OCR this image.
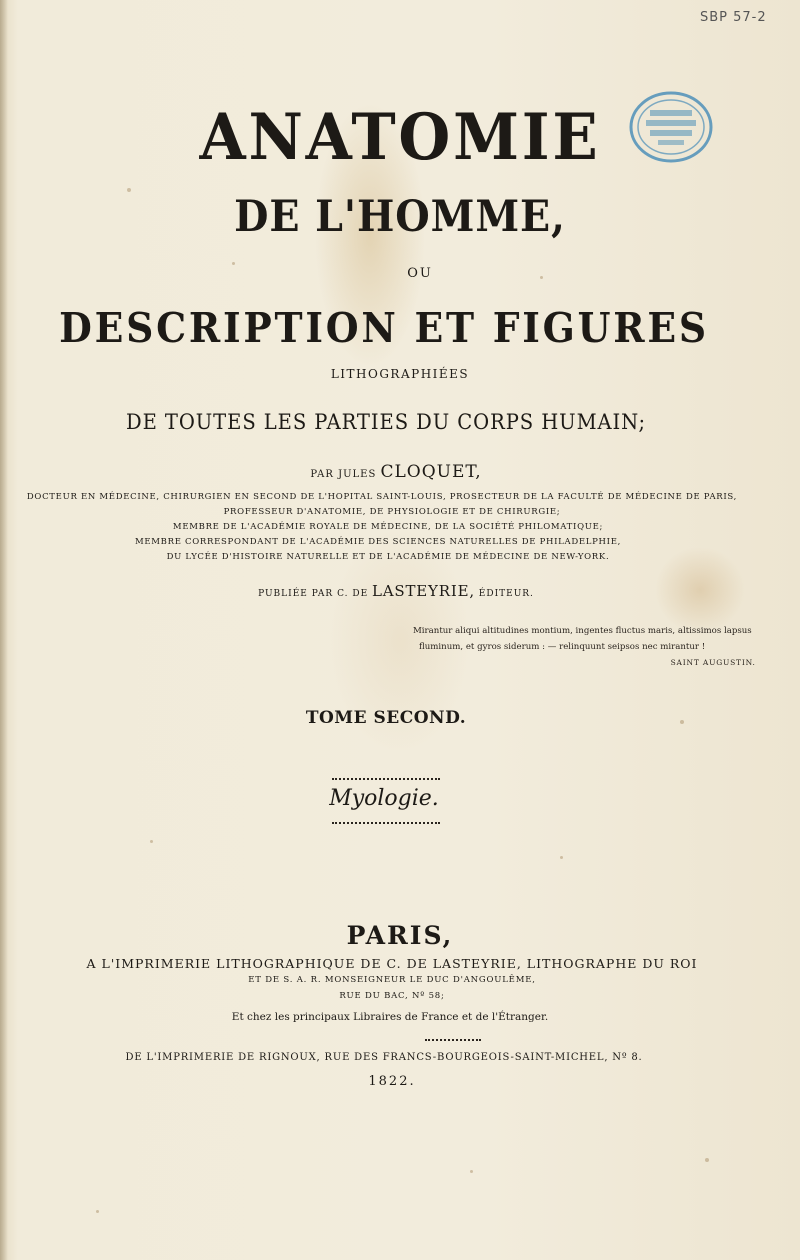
SBP 57-2
ANATOMIE
DE L'HOMME,
OU
DESCRIPTION ET FIGURES
LITHOGRAPHIÉES
DE TOUTES LES PARTIES DU CORPS HUMAIN;
PAR JULES CLOQUET,
DOCTEUR EN MÉDECINE, CHIRURGIEN EN SECOND DE L'HOPITAL SAINT-LOUIS, PROSECTEUR DE LA FACULTÉ DE MÉDECINE DE PARIS,
PROFESSEUR D'ANATOMIE, DE PHYSIOLOGIE ET DE CHIRURGIE;
MEMBRE DE L'ACADÉMIE ROYALE DE MÉDECINE, DE LA SOCIÉTÉ PHILOMATIQUE;
MEMBRE CORRESPONDANT DE L'ACADÉMIE DES SCIENCES NATURELLES DE PHILADELPHIE,
DU LYCÉE D'HISTOIRE NATURELLE ET DE L'ACADÉMIE DE MÉDECINE DE NEW-YORK.
PUBLIÉE PAR C. DE LASTEYRIE, ÉDITEUR.
Mirantur aliqui altitudines montium, ingentes fluctus maris, altissimos lapsus
fluminum, et gyros siderum : — relinquunt seipsos nec mirantur !
SAINT AUGUSTIN.
TOME SECOND.
Myologie.
PARIS,
A L'IMPRIMERIE LITHOGRAPHIQUE DE C. DE LASTEYRIE, LITHOGRAPHE DU ROI
ET DE S. A. R. MONSEIGNEUR LE DUC D'ANGOULÊME,
RUE DU BAC, Nº 58;
Et chez les principaux Libraires de France et de l'Étranger.
DE L'IMPRIMERIE DE RIGNOUX, RUE DES FRANCS-BOURGEOIS-SAINT-MICHEL, Nº 8.
1822.
